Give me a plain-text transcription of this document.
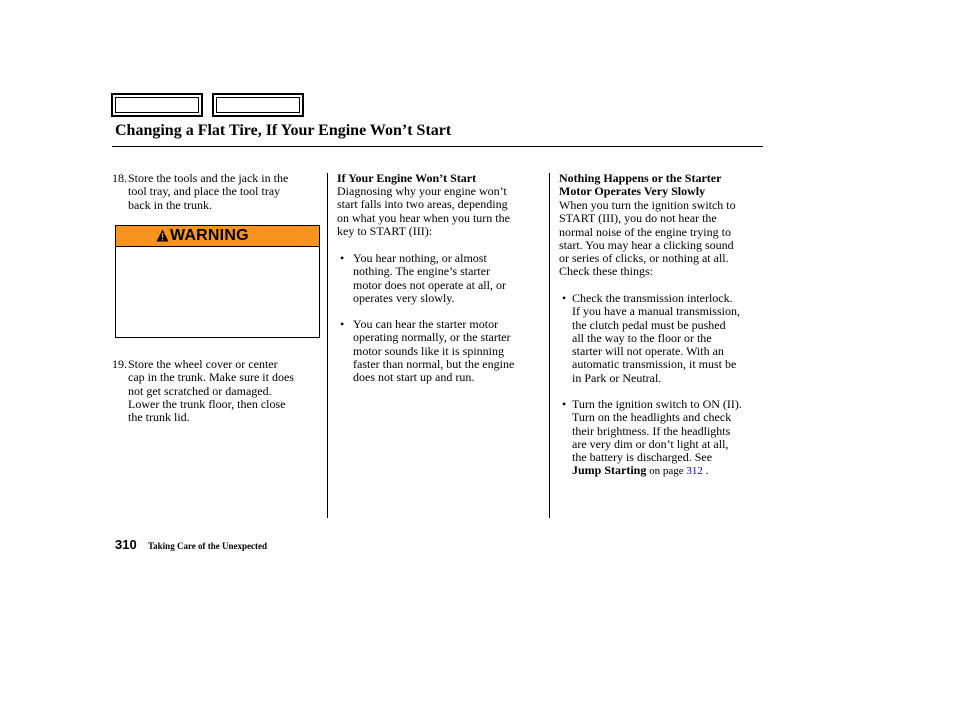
Changing a Flat Tire, If Your Engine Won’t Start
18. Store the tools and the jack in the
tool tray, and place the tool tray
back in the trunk.
WARNING
19. Store the wheel cover or center
cap in the trunk. Make sure it does
not get scratched or damaged.
Lower the trunk floor, then close
the trunk lid.
If Your Engine Won’t Start
Diagnosing why your engine won’t
start falls into two areas, depending
on what you hear when you turn the
key to START (III):
• You hear nothing, or almost
nothing. The engine’s starter
motor does not operate at all, or
operates very slowly.
• You can hear the starter motor
operating normally, or the starter
motor sounds like it is spinning
faster than normal, but the engine
does not start up and run.
Nothing Happens or the Starter
Motor Operates Very Slowly
When you turn the ignition switch to
START (III), you do not hear the
normal noise of the engine trying to
start. You may hear a clicking sound
or series of clicks, or nothing at all.
Check these things:
• Check the transmission interlock.
If you have a manual transmission,
the clutch pedal must be pushed
all the way to the floor or the
starter will not operate. With an
automatic transmission, it must be
in Park or Neutral.
• Turn the ignition switch to ON (II).
Turn on the headlights and check
their brightness. If the headlights
are very dim or don’t light at all,
the battery is discharged. See
Jump Starting on page 312 .
310 Taking Care of the Unexpected
